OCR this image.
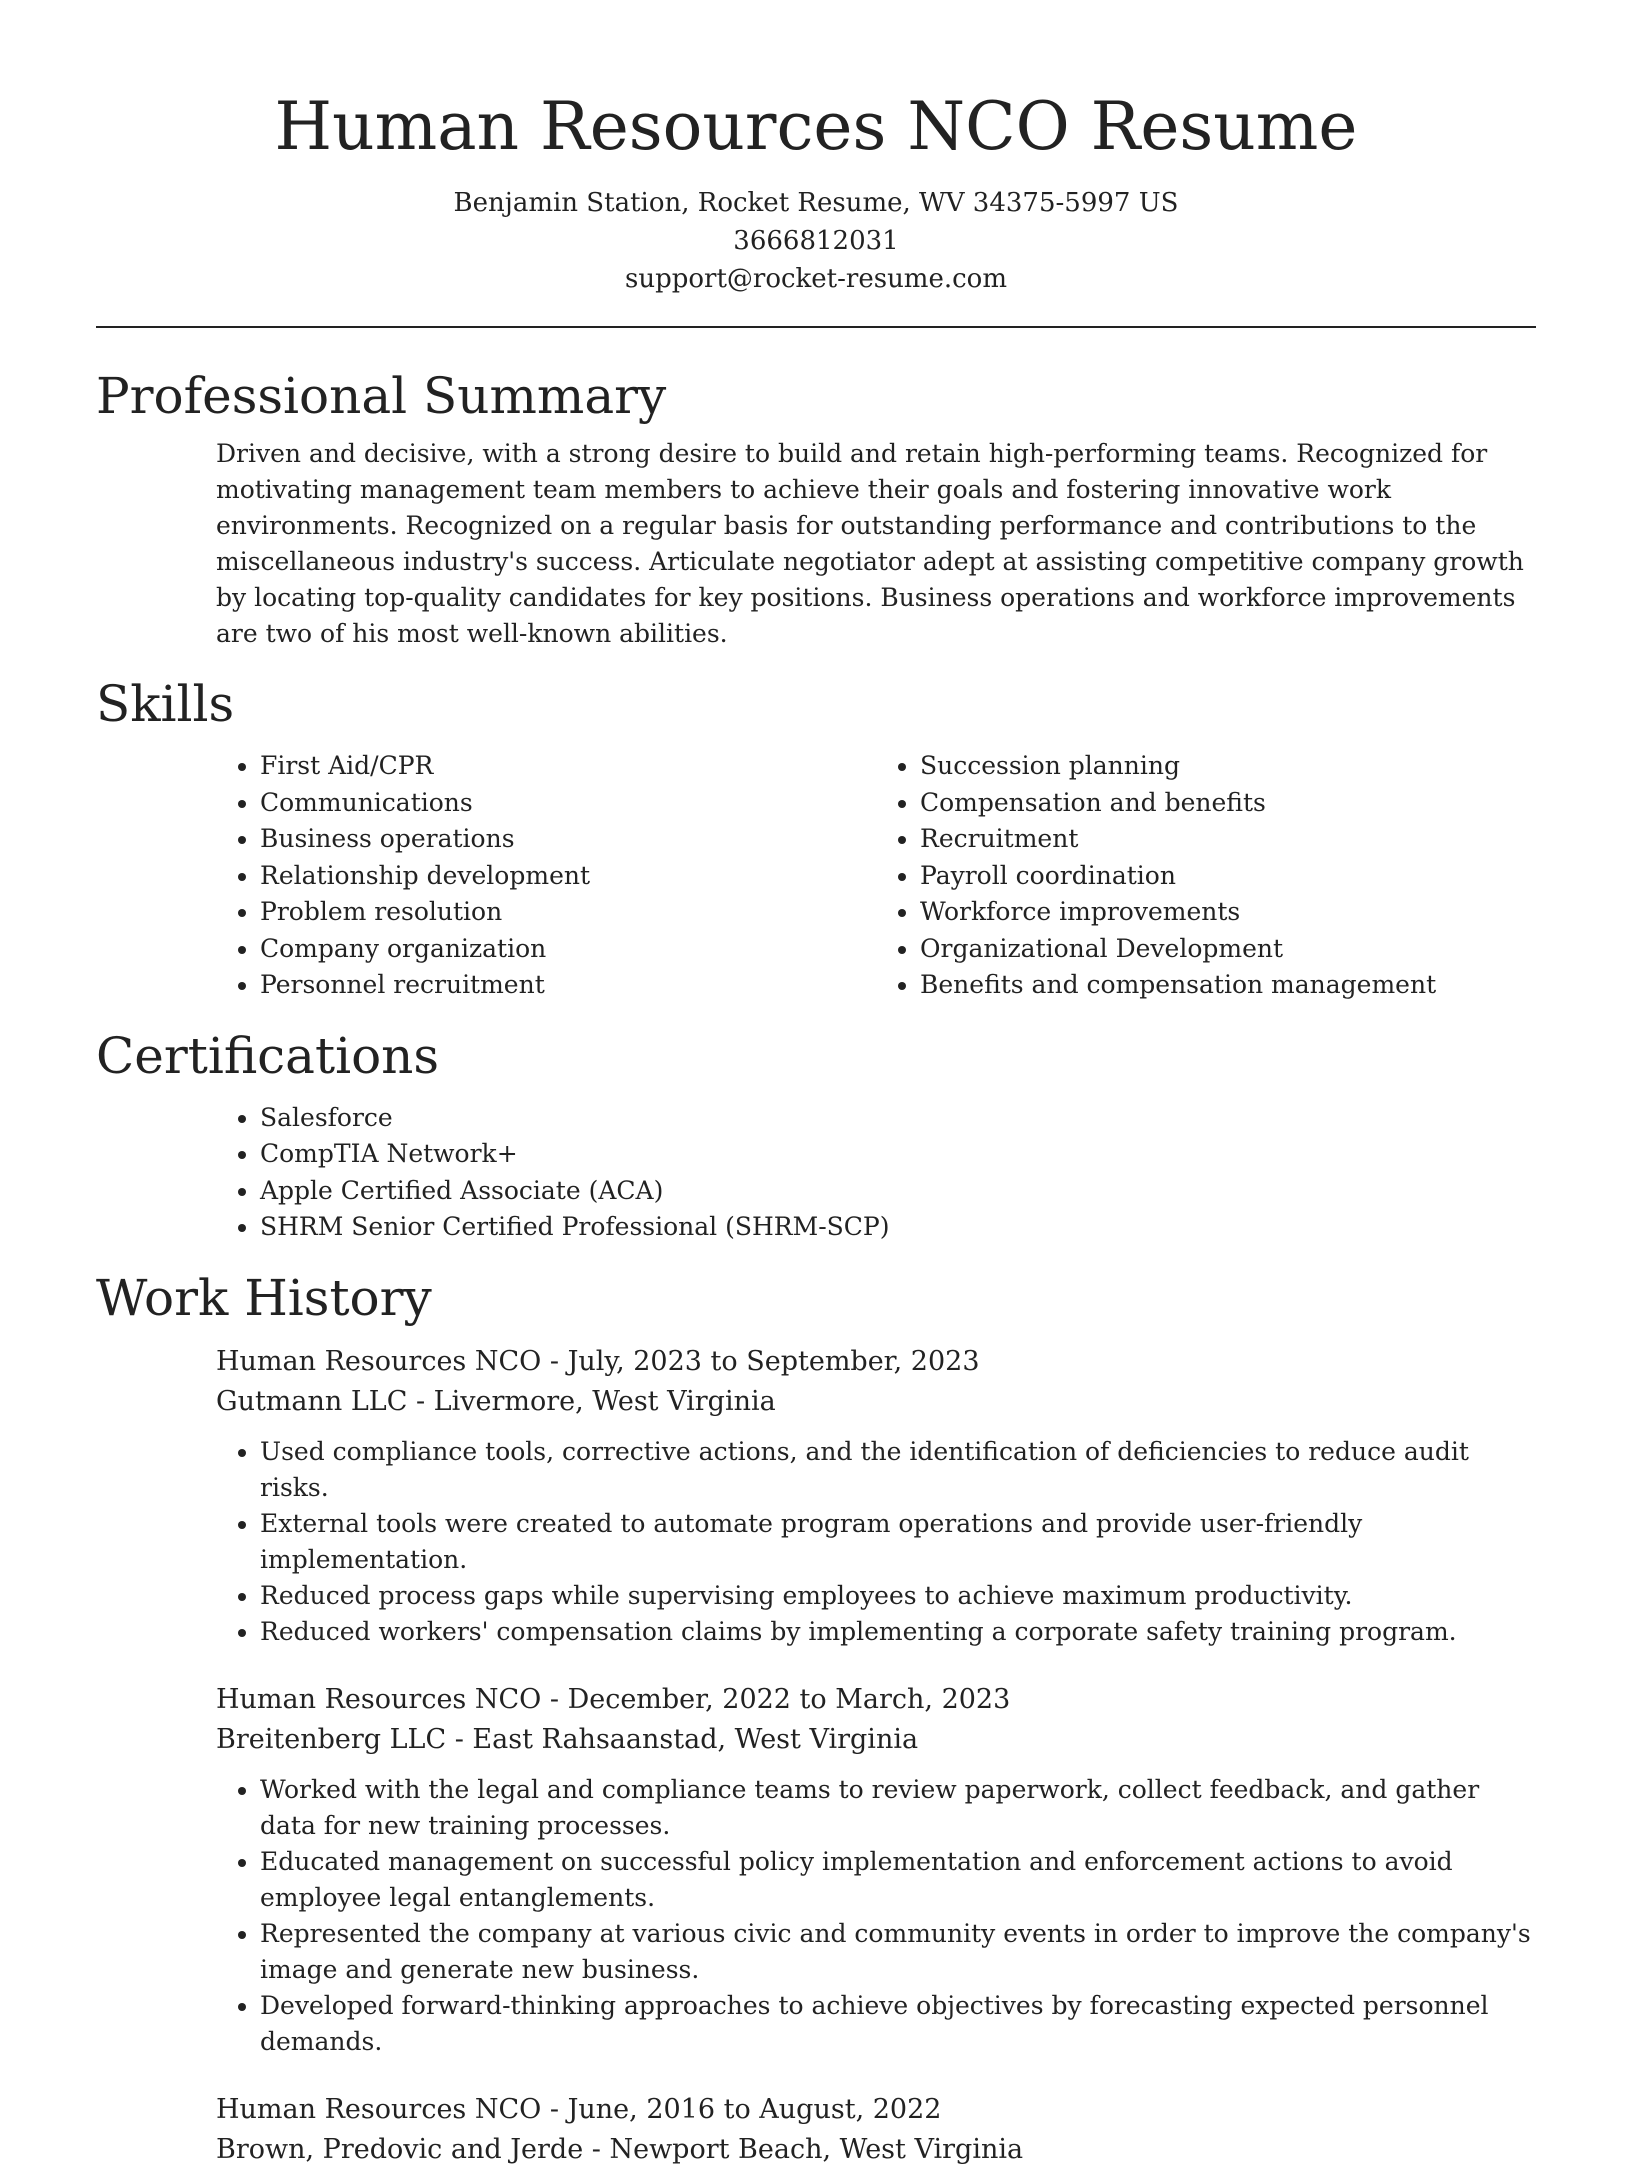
Human Resources NCO Resume
Benjamin Station, Rocket Resume, WV 34375-5997 US
3666812031
support@rocket-resume.com
Professional Summary

Driven and decisive, with a strong desire to build and retain high-performing teams. Recognized for motivating management team members to achieve their goals and fostering innovative work environments. Recognized on a regular basis for outstanding performance and contributions to the miscellaneous industry's success. Articulate negotiator adept at assisting competitive company growth by locating top-quality candidates for key positions. Business operations and workforce improvements are two of his most well-known abilities.

Skills
• First Aid/CPR
• Communications
• Business operations
• Relationship development
• Problem resolution
• Company organization
• Personnel recruitment
• Succession planning
• Compensation and benefits
• Recruitment
• Payroll coordination
• Workforce improvements
• Organizational Development
• Benefits and compensation management
Certifications
• Salesforce
• CompTIA Network+
• Apple Certified Associate (ACA)
• SHRM Senior Certified Professional (SHRM-SCP)
Work History
Human Resources NCO - July, 2023 to September, 2023
Gutmann LLC - Livermore, West Virginia
• Used compliance tools, corrective actions, and the identification of deficiencies to reduce audit risks.
• External tools were created to automate program operations and provide user-friendly implementation.
• Reduced process gaps while supervising employees to achieve maximum productivity.
• Reduced workers' compensation claims by implementing a corporate safety training program.
Human Resources NCO - December, 2022 to March, 2023
Breitenberg LLC - East Rahsaanstad, West Virginia
• Worked with the legal and compliance teams to review paperwork, collect feedback, and gather data for new training processes.
• Educated management on successful policy implementation and enforcement actions to avoid employee legal entanglements.
• Represented the company at various civic and community events in order to improve the company's image and generate new business.
• Developed forward-thinking approaches to achieve objectives by forecasting expected personnel demands.
Human Resources NCO - June, 2016 to August, 2022
Brown, Predovic and Jerde - Newport Beach, West Virginia
